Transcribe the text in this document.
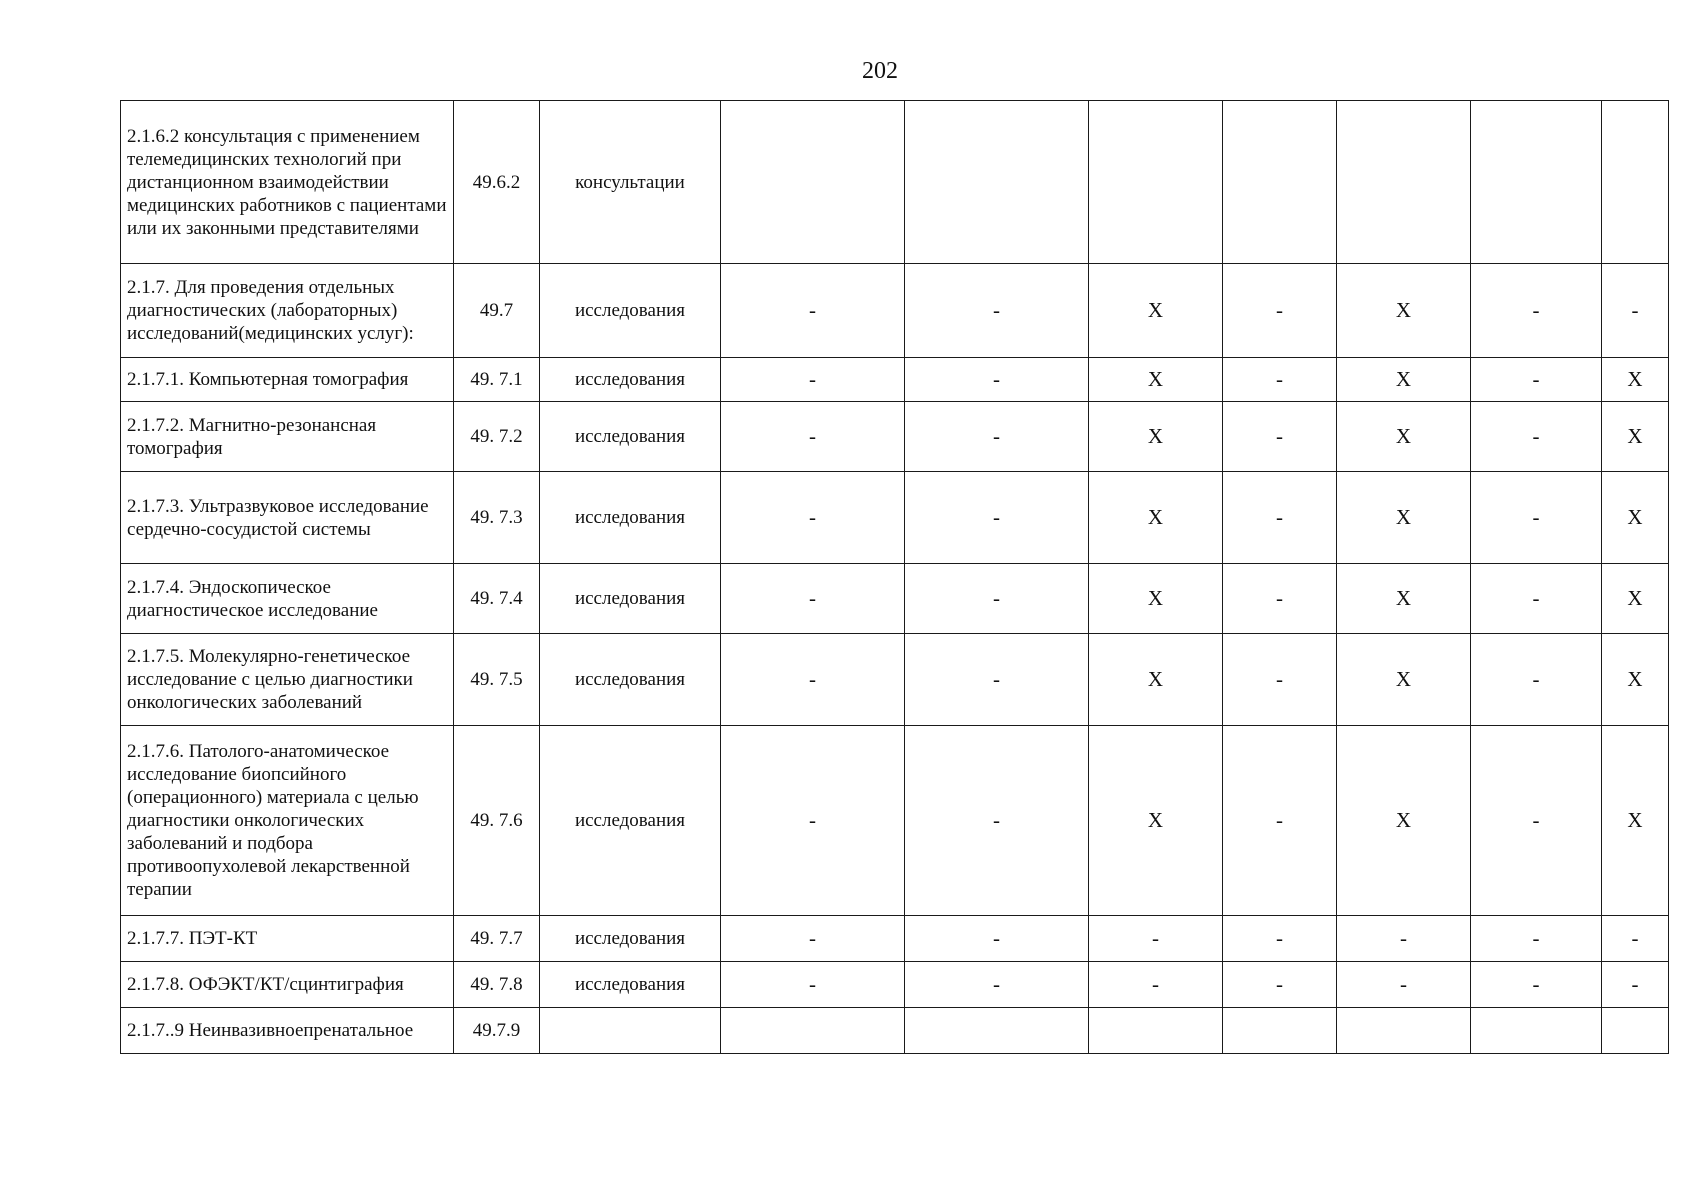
202
2.1.6.2 консультация с применением телемедицинских технологий при дистанционном взаимодействии медицинских работников с пациентами или их законными представителями	49.6.2	консультации							
2.1.7. Для проведения отдельных диагностических (лабораторных) исследований(медицинских услуг):	49.7	исследования	-	-	X	-	X	-	-
2.1.7.1. Компьютерная томография	49. 7.1	исследования	-	-	X	-	X	-	X
2.1.7.2. Магнитно-резонансная томография	49. 7.2	исследования	-	-	X	-	X	-	X
2.1.7.3. Ультразвуковое исследование сердечно-сосудистой системы	49. 7.3	исследования	-	-	X	-	X	-	X
2.1.7.4. Эндоскопическое диагностическое исследование	49. 7.4	исследования	-	-	X	-	X	-	X
2.1.7.5. Молекулярно-генетическое исследование с целью диагностики онкологических заболеваний	49. 7.5	исследования	-	-	X	-	X	-	X
2.1.7.6. Патолого-анатомическое исследование биопсийного (операционного) материала с целью диагностики онкологических заболеваний и подбора противоопухолевой лекарственной терапии	49. 7.6	исследования	-	-	X	-	X	-	X
2.1.7.7. ПЭТ-КТ	49. 7.7	исследования	-	-	-	-	-	-	-
2.1.7.8. ОФЭКТ/КТ/сцинтиграфия	49. 7.8	исследования	-	-	-	-	-	-	-
2.1.7..9 Неинвазивноепренатальное	49.7.9								
